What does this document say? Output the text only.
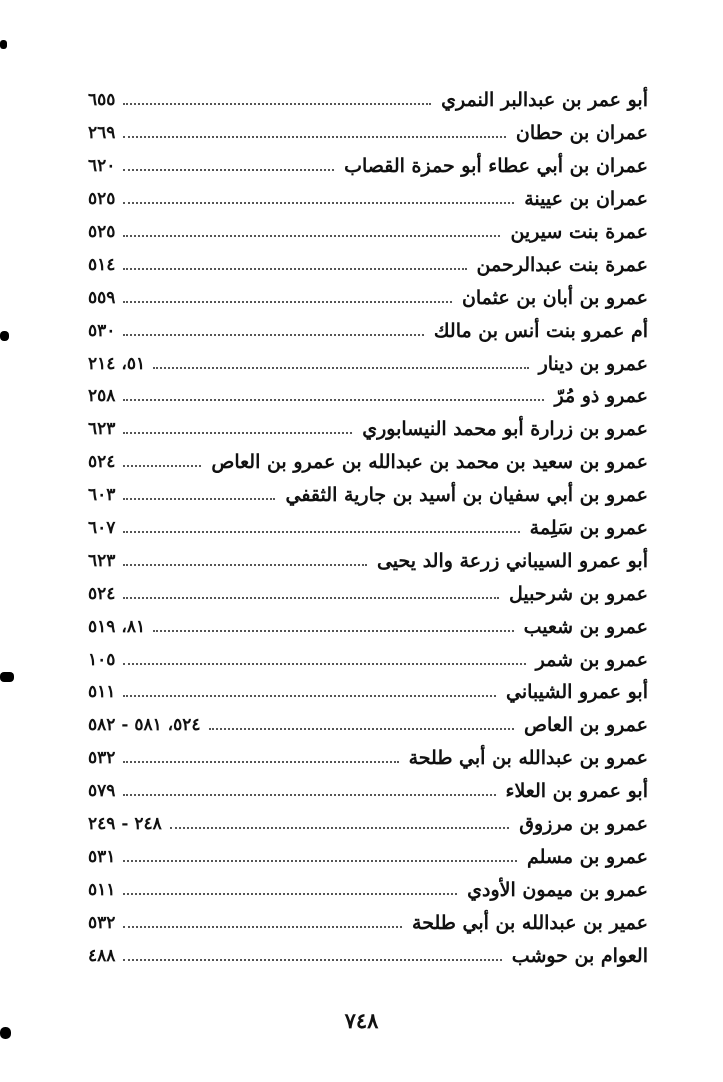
أبو عمر بن عبدالبر النمري
٦٥٥
عمران بن حطان
٢٦٩
عمران بن أبي عطاء أبو حمزة القصاب
٦٢٠
عمران بن عيينة
٥٢٥
عمرة بنت سيرين
٥٢٥
عمرة بنت عبدالرحمن
٥١٤
عمرو بن أبان بن عثمان
٥٥٩
أم عمرو بنت أنس بن مالك
٥٣٠
عمرو بن دينار
٥١، ٢١٤
عمرو ذو مُرّ
٢٥٨
عمرو بن زرارة أبو محمد النيسابوري
٦٢٣
عمرو بن سعيد بن محمد بن عبدالله بن عمرو بن العاص
٥٢٤
عمرو بن أبي سفيان بن أسيد بن جارية الثقفي
٦٠٣
عمرو بن سَلِمة
٦٠٧
أبو عمرو السيباني زرعة والد يحيى
٦٢٣
عمرو بن شرحبيل
٥٢٤
عمرو بن شعيب
٨١، ٥١٩
عمرو بن شمر
١٠٥
أبو عمرو الشيباني
٥١١
عمرو بن العاص
٥٢٤، ٥٨١ - ٥٨٢
عمرو بن عبدالله بن أبي طلحة
٥٣٢
أبو عمرو بن العلاء
٥٧٩
عمرو بن مرزوق
٢٤٨ - ٢٤٩
عمرو بن مسلم
٥٣١
عمرو بن ميمون الأودي
٥١١
عمير بن عبدالله بن أبي طلحة
٥٣٢
العوام بن حوشب
٤٨٨
٧٤٨
